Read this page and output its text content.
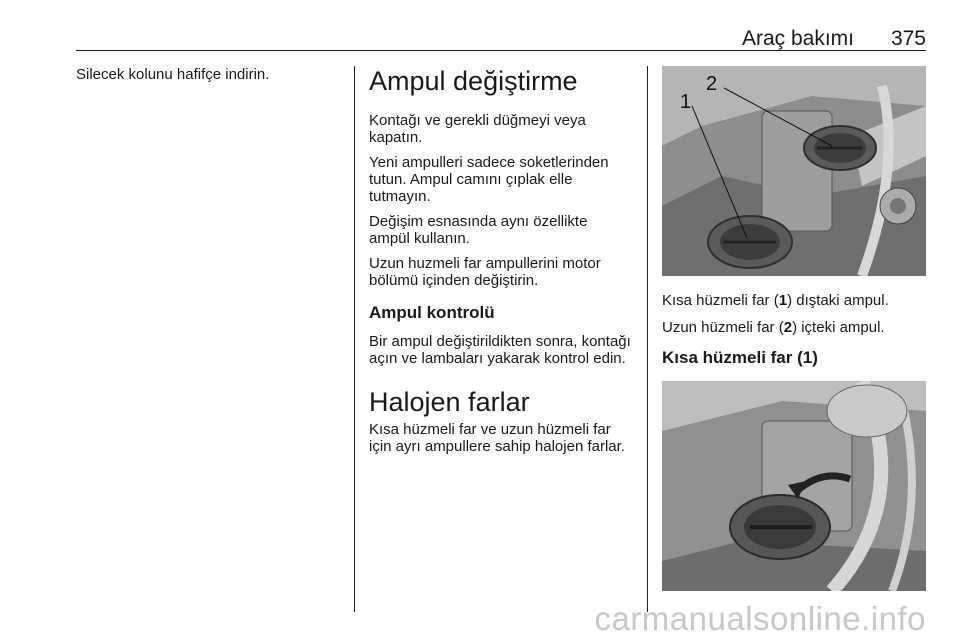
Araç bakımı 375

Silecek kolunu hafifçe indirin.	Ampul değiştirme

Kontağı ve gerekli düğmeyi veya kapatın.

Yeni ampulleri sadece soketlerinden tutun. Ampul camını çıplak elle tutmayın.

Değişim esnasında aynı özellikte ampül kullanın.

Uzun huzmeli far ampullerini motor bölümü içinden değiştirin.

Ampul kontrolü

Bir ampul değiştirildikten sonra, kontağı açın ve lambaları yakarak kontrol edin.

Halojen farlar

Kısa hüzmeli far ve uzun hüzmeli far için ayrı ampullere sahip halojen farlar.

1
2

Kısa hüzmeli far (1) dıştaki ampul.

Uzun hüzmeli far (2) içteki ampul.

Kısa hüzmeli far (1)
carmanualsonline.info
